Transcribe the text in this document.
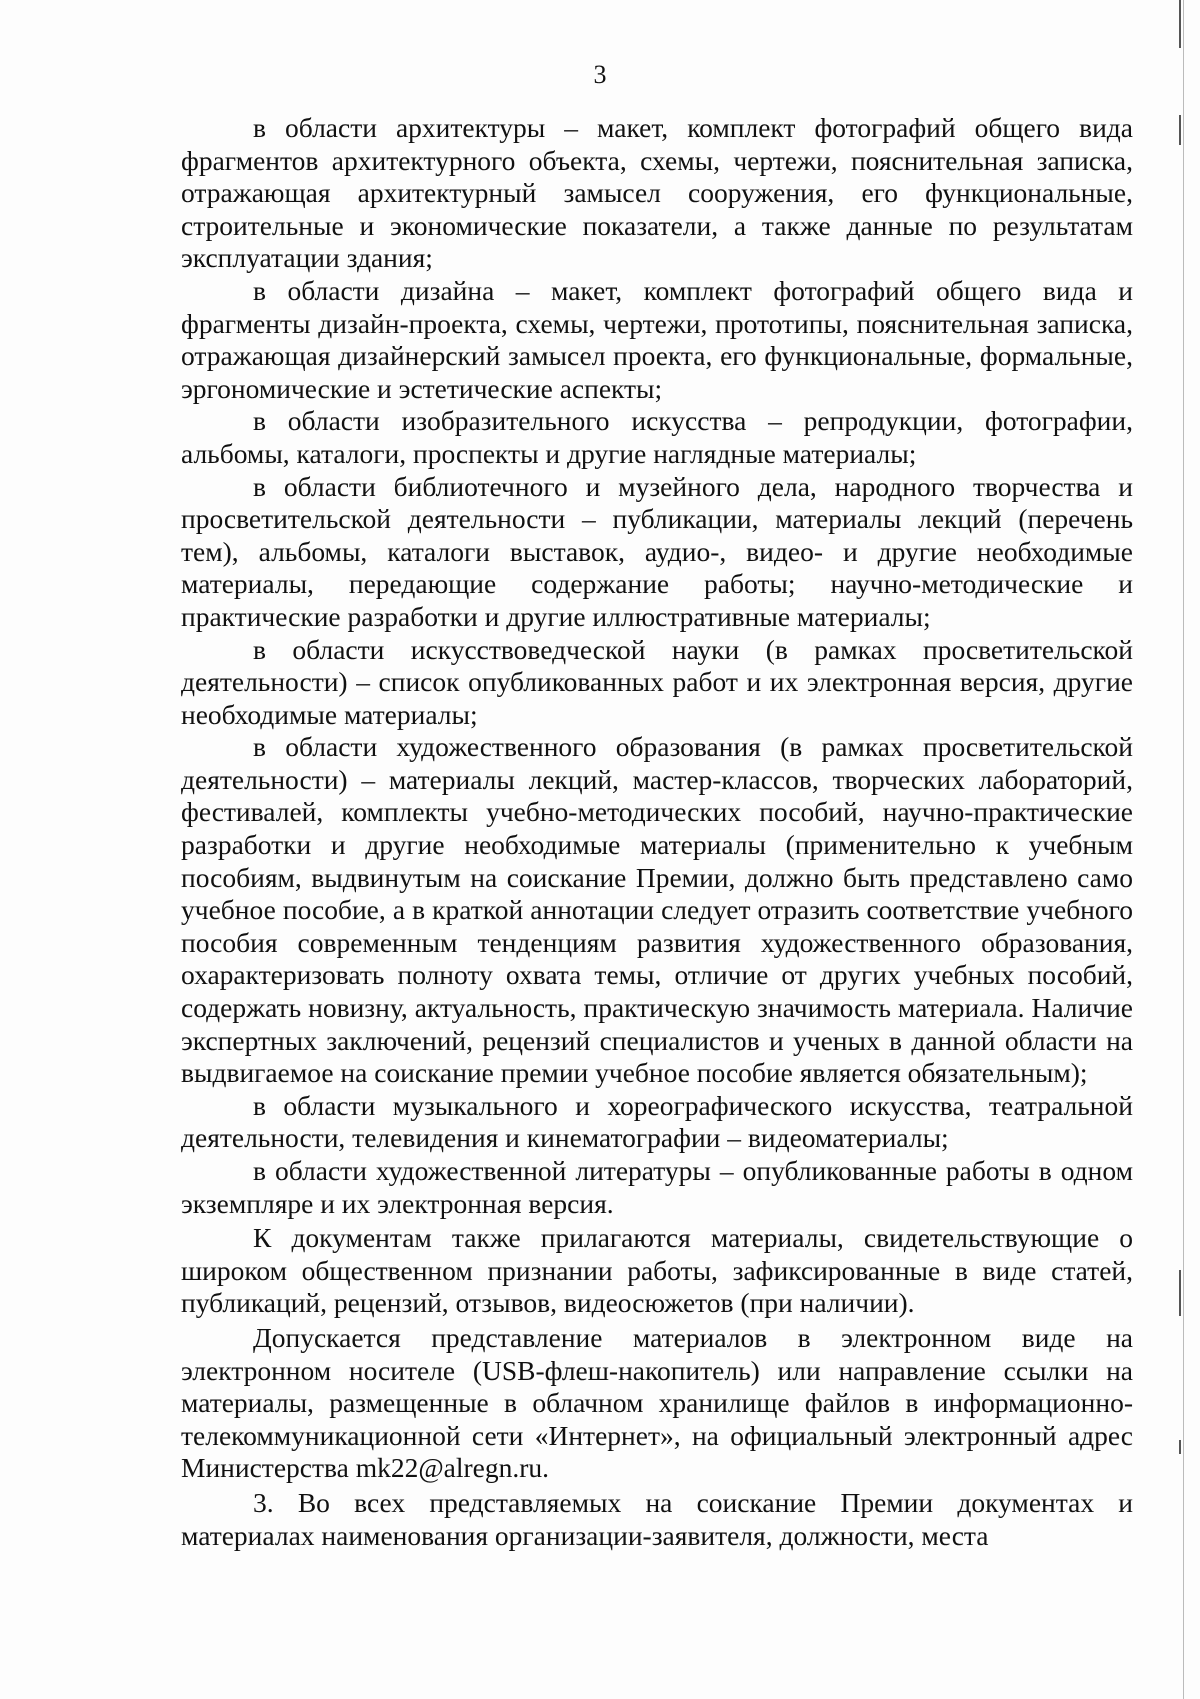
3

в области архитектуры – макет, комплект фотографий общего вида фрагментов архитектурного объекта, схемы, чертежи, пояснительная записка, отражающая архитектурный замысел сооружения, его функциональные, строительные и экономические показатели, а также данные по результатам эксплуатации здания;

в области дизайна – макет, комплект фотографий общего вида и фрагменты дизайн-проекта, схемы, чертежи, прототипы, пояснительная записка, отражающая дизайнерский замысел проекта, его функциональные, формальные, эргономические и эстетические аспекты;

в области изобразительного искусства – репродукции, фотографии, альбомы, каталоги, проспекты и другие наглядные материалы;

в области библиотечного и музейного дела, народного творчества и просветительской деятельности – публикации, материалы лекций (перечень тем), альбомы, каталоги выставок, аудио-, видео- и другие необходимые материалы, передающие содержание работы; научно-методические и практические разработки и другие иллюстративные материалы;

в области искусствоведческой науки (в рамках просветительской деятельности) – список опубликованных работ и их электронная версия, другие необходимые материалы;

в области художественного образования (в рамках просветительской деятельности) – материалы лекций, мастер-классов, творческих лабораторий, фестивалей, комплекты учебно-методических пособий, научно-практические разработки и другие необходимые материалы (применительно к учебным пособиям, выдвинутым на соискание Премии, должно быть представлено само учебное пособие, а в краткой аннотации следует отразить соответствие учебного пособия современным тенденциям развития художественного образования, охарактеризовать полноту охвата темы, отличие от других учебных пособий, содержать новизну, актуальность, практическую значимость материала. Наличие экспертных заключений, рецензий специалистов и ученых в данной области на выдвигаемое на соискание премии учебное пособие является обязательным);

в области музыкального и хореографического искусства, театральной деятельности, телевидения и кинематографии – видеоматериалы;

в области художественной литературы – опубликованные работы в одном экземпляре и их электронная версия.

К документам также прилагаются материалы, свидетельствующие о широком общественном признании работы, зафиксированные в виде статей, публикаций, рецензий, отзывов, видеосюжетов (при наличии).

Допускается представление материалов в электронном виде на электронном носителе (USB-флеш-накопитель) или направление ссылки на материалы, размещенные в облачном хранилище файлов в информационно-телекоммуникационной сети «Интернет», на официальный электронный адрес Министерства mk22@alregn.ru.

3. Во всех представляемых на соискание Премии документах и материалах наименования организации-заявителя, должности, места
